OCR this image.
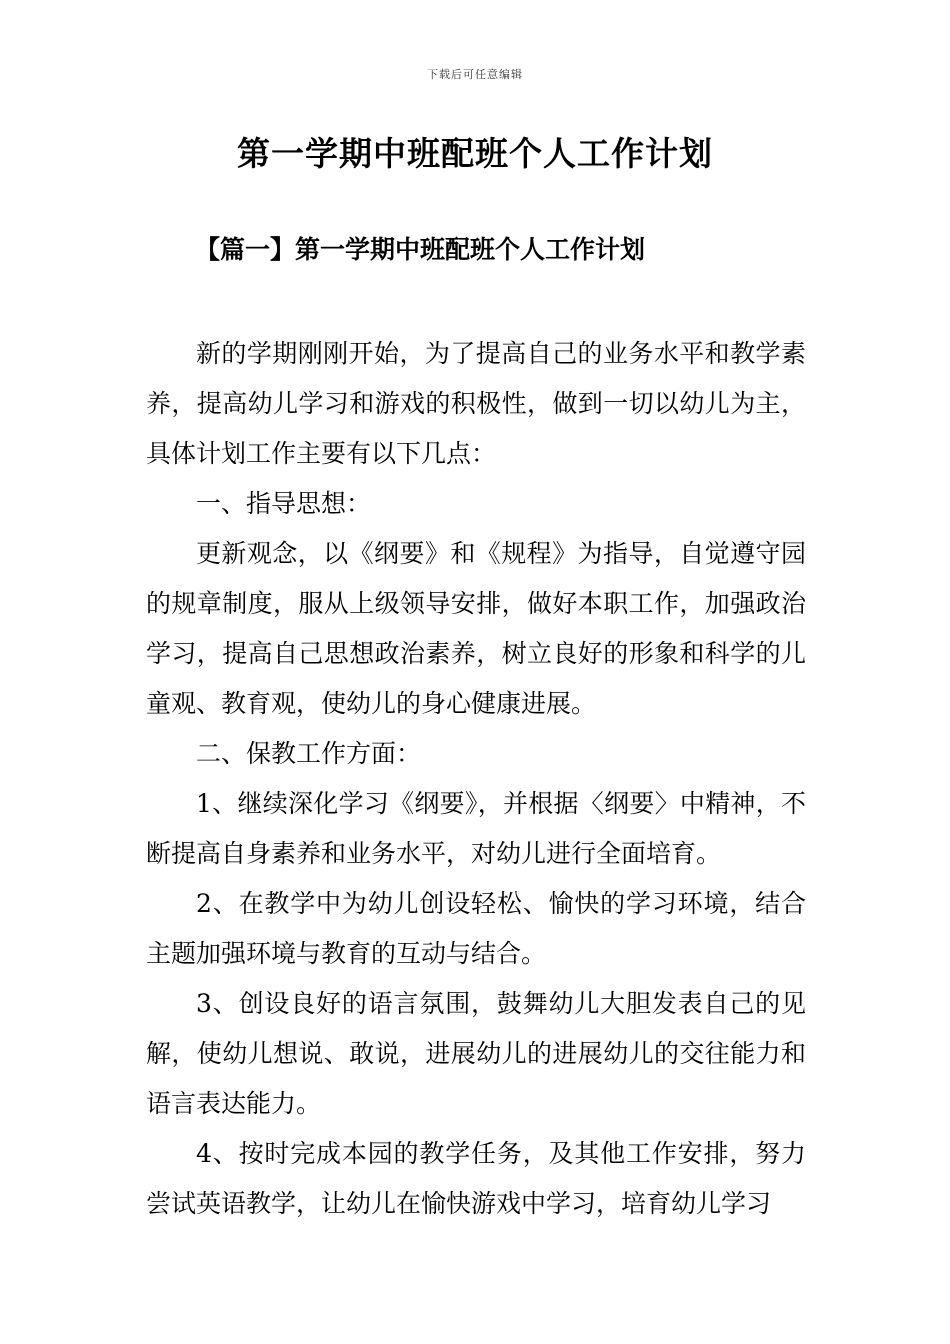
下载后可任意编辑
第一学期中班配班个人工作计划
【篇一】第一学期中班配班个人工作计划

新的学期刚刚开始，为了提高自己的业务水平和教学素养，提高幼儿学习和游戏的积极性，做到一切以幼儿为主，具体计划工作主要有以下几点：

一、指导思想：

更新观念，以《纲要》和《规程》为指导，自觉遵守园的规章制度，服从上级领导安排，做好本职工作，加强政治学习，提高自己思想政治素养，树立良好的形象和科学的儿童观、教育观，使幼儿的身心健康进展。

二、保教工作方面：

1、继续深化学习《纲要》，并根据〈纲要〉中精神，不断提高自身素养和业务水平，对幼儿进行全面培育。

2、在教学中为幼儿创设轻松、愉快的学习环境，结合主题加强环境与教育的互动与结合。

3、创设良好的语言氛围，鼓舞幼儿大胆发表自己的见解，使幼儿想说、敢说，进展幼儿的进展幼儿的交往能力和语言表达能力。

4、按时完成本园的教学任务，及其他工作安排，努力尝试英语教学，让幼儿在愉快游戏中学习，培育幼儿学习
